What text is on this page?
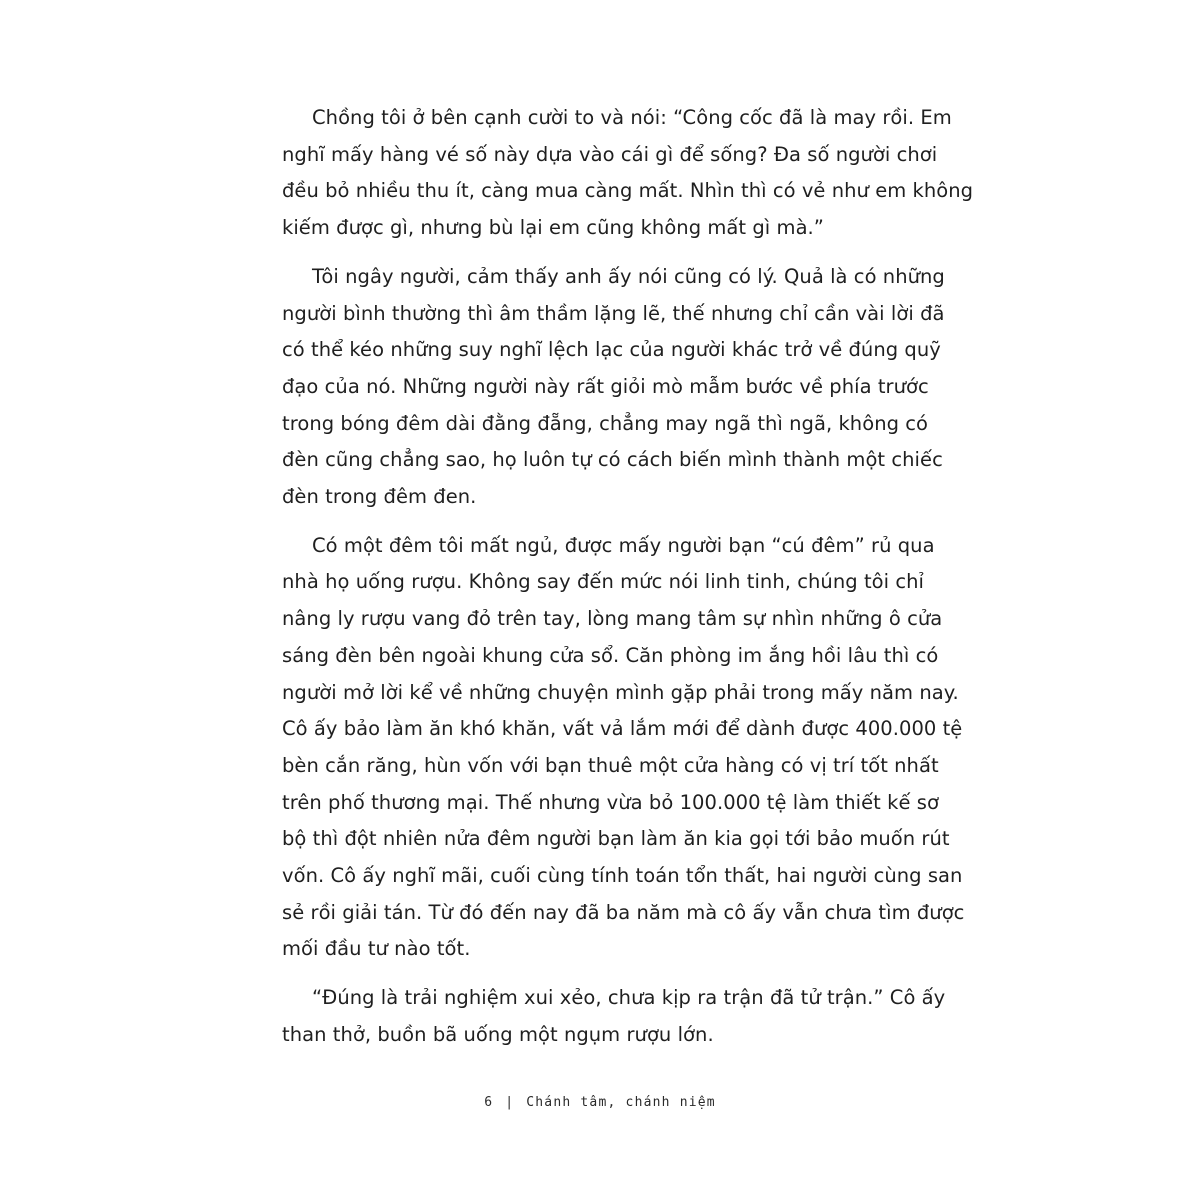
Chồng tôi ở bên cạnh cười to và nói: “Công cốc đã là may rồi. Em
nghĩ mấy hàng vé số này dựa vào cái gì để sống? Đa số người chơi
đều bỏ nhiều thu ít, càng mua càng mất. Nhìn thì có vẻ như em không
kiếm được gì, nhưng bù lại em cũng không mất gì mà.”
Tôi ngây người, cảm thấy anh ấy nói cũng có lý. Quả là có những
người bình thường thì âm thầm lặng lẽ, thế nhưng chỉ cần vài lời đã
có thể kéo những suy nghĩ lệch lạc của người khác trở về đúng quỹ
đạo của nó. Những người này rất giỏi mò mẫm bước về phía trước
trong bóng đêm dài đằng đẵng, chẳng may ngã thì ngã, không có
đèn cũng chẳng sao, họ luôn tự có cách biến mình thành một chiếc
đèn trong đêm đen.
Có một đêm tôi mất ngủ, được mấy người bạn “cú đêm” rủ qua
nhà họ uống rượu. Không say đến mức nói linh tinh, chúng tôi chỉ
nâng ly rượu vang đỏ trên tay, lòng mang tâm sự nhìn những ô cửa
sáng đèn bên ngoài khung cửa sổ. Căn phòng im ắng hồi lâu thì có
người mở lời kể về những chuyện mình gặp phải trong mấy năm nay.
Cô ấy bảo làm ăn khó khăn, vất vả lắm mới để dành được 400.000 tệ
bèn cắn răng, hùn vốn với bạn thuê một cửa hàng có vị trí tốt nhất
trên phố thương mại. Thế nhưng vừa bỏ 100.000 tệ làm thiết kế sơ
bộ thì đột nhiên nửa đêm người bạn làm ăn kia gọi tới bảo muốn rút
vốn. Cô ấy nghĩ mãi, cuối cùng tính toán tổn thất, hai người cùng san
sẻ rồi giải tán. Từ đó đến nay đã ba năm mà cô ấy vẫn chưa tìm được
mối đầu tư nào tốt.
“Đúng là trải nghiệm xui xẻo, chưa kịp ra trận đã tử trận.” Cô ấy
than thở, buồn bã uống một ngụm rượu lớn.
6 | Chánh tâm, chánh niệm
